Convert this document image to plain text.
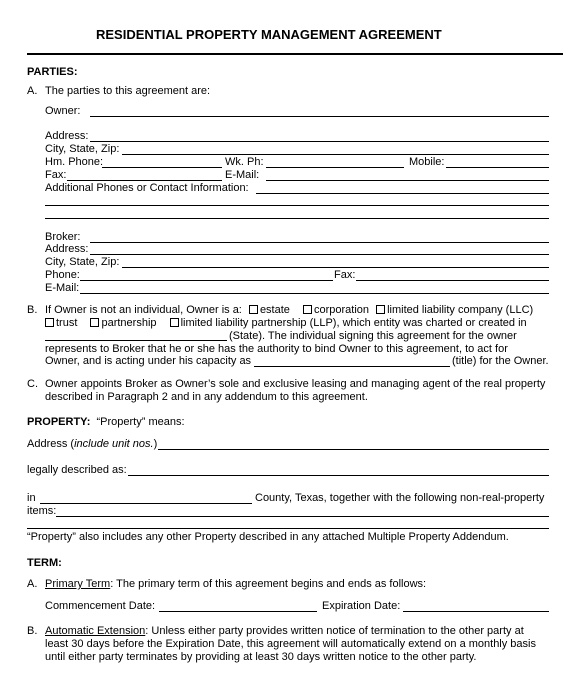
RESIDENTIAL PROPERTY MANAGEMENT AGREEMENT
PARTIES:
A. The parties to this agreement are:
Owner:
Address:
City, State, Zip:
Hm. Phone:	Wk. Ph:	Mobile:
Fax:	E-Mail:
Additional Phones or Contact Information:
Broker:
Address:
City, State, Zip:
Phone:	Fax:
E-Mail:
B. If Owner is not an individual, Owner is a: estate corporation limited liability company (LLC)
trust partnership limited liability partnership (LLP), which entity was charted or created in
(State). The individual signing this agreement for the owner
represents to Broker that he or she has the authority to bind Owner to this agreement, to act for
Owner, and is acting under his capacity as	(title) for the Owner.
C. Owner appoints Broker as Owner’s sole and exclusive leasing and managing agent of the real property
described in Paragraph 2 and in any addendum to this agreement.
PROPERTY: “Property” means:
Address (include unit nos.)
legally described as:
in	County, Texas, together with the following non-real-property
items:
“Property” also includes any other Property described in any attached Multiple Property Addendum.
TERM:
A. Primary Term: The primary term of this agreement begins and ends as follows:
Commencement Date:	Expiration Date:
B. Automatic Extension: Unless either party provides written notice of termination to the other party at
least 30 days before the Expiration Date, this agreement will automatically extend on a monthly basis
until either party terminates by providing at least 30 days written notice to the other party.
